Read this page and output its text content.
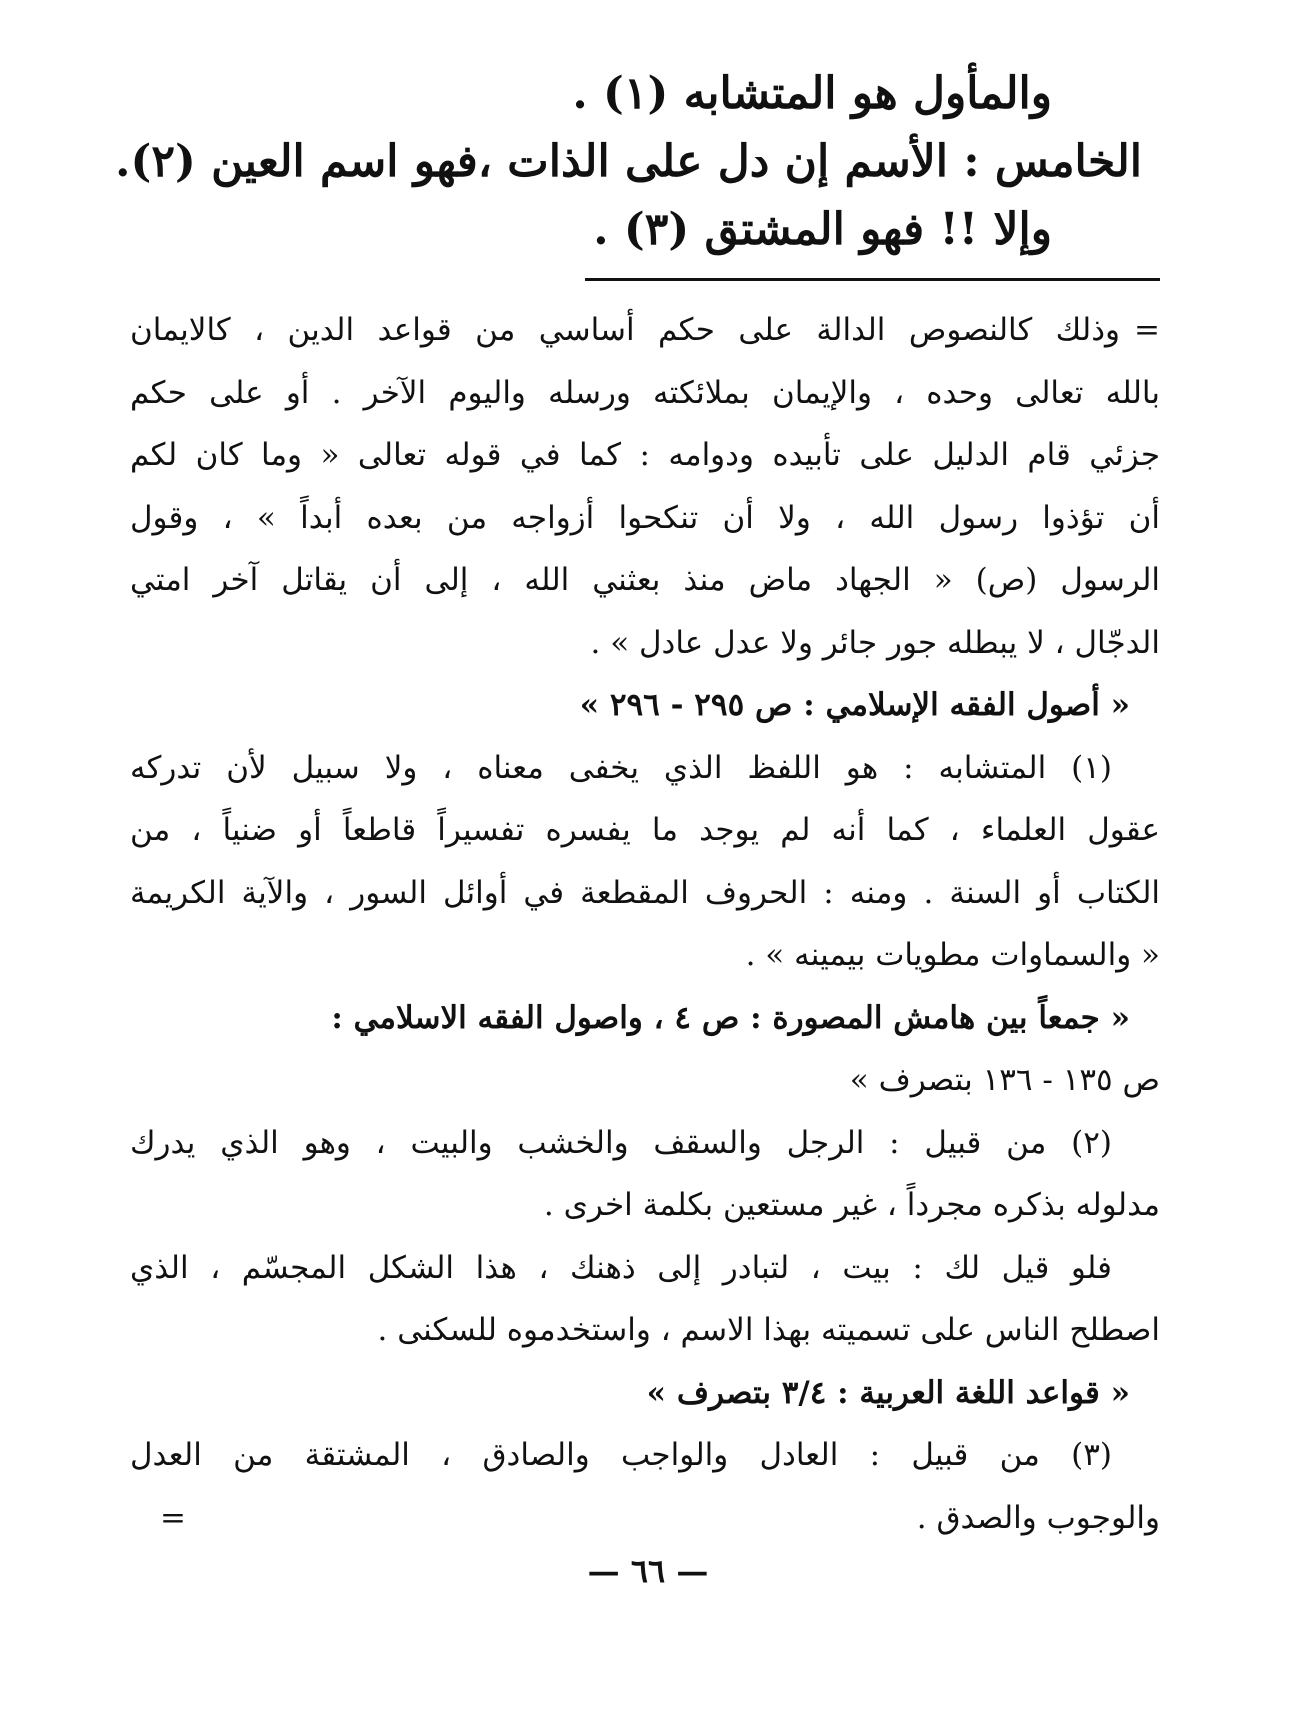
والمأول هو المتشابه (١) .
الخامس : الأسم إن دل على الذات ،فهو اسم العين (٢).
وإلا !! فهو المشتق (٣) .
=وذلك كالنصوص الدالة على حكم أساسي من قواعد الدين ، كالايمان
بالله تعالى وحده ، والإيمان بملائكته ورسله واليوم الآخر . أو على حكم
جزئي قام الدليل على تأبيده ودوامه : كما في قوله تعالى « وما كان لكم
أن تؤذوا رسول الله ، ولا أن تنكحوا أزواجه من بعده أبداً » ، وقول
الرسول (ص) « الجهاد ماض منذ بعثني الله ، إلى أن يقاتل آخر امتي
الدجّال ، لا يبطله جور جائر ولا عدل عادل » .
« أصول الفقه الإسلامي : ص ٢٩٥ - ٢٩٦ »
(١) المتشابه : هو اللفظ الذي يخفى معناه ، ولا سبيل لأن تدركه
عقول العلماء ، كما أنه لم يوجد ما يفسره تفسيراً قاطعاً أو ضنياً ، من
الكتاب أو السنة . ومنه : الحروف المقطعة في أوائل السور ، والآية الكريمة
« والسماوات مطويات بيمينه » .
« جمعاً بين هامش المصورة : ص ٤ ، واصول الفقه الاسلامي :
ص ١٣٥ - ١٣٦ بتصرف »
(٢) من قبيل : الرجل والسقف والخشب والبيت ، وهو الذي يدرك
مدلوله بذكره مجرداً ، غير مستعين بكلمة اخرى .
فلو قيل لك : بيت ، لتبادر إلى ذهنك ، هذا الشكل المجسّم ، الذي
اصطلح الناس على تسميته بهذا الاسم ، واستخدموه للسكنى .
« قواعد اللغة العربية : ٣/٤ بتصرف »
(٣) من قبيل : العادل والواجب والصادق ، المشتقة من العدل
والوجوب والصدق .
=
— ٦٦ —
